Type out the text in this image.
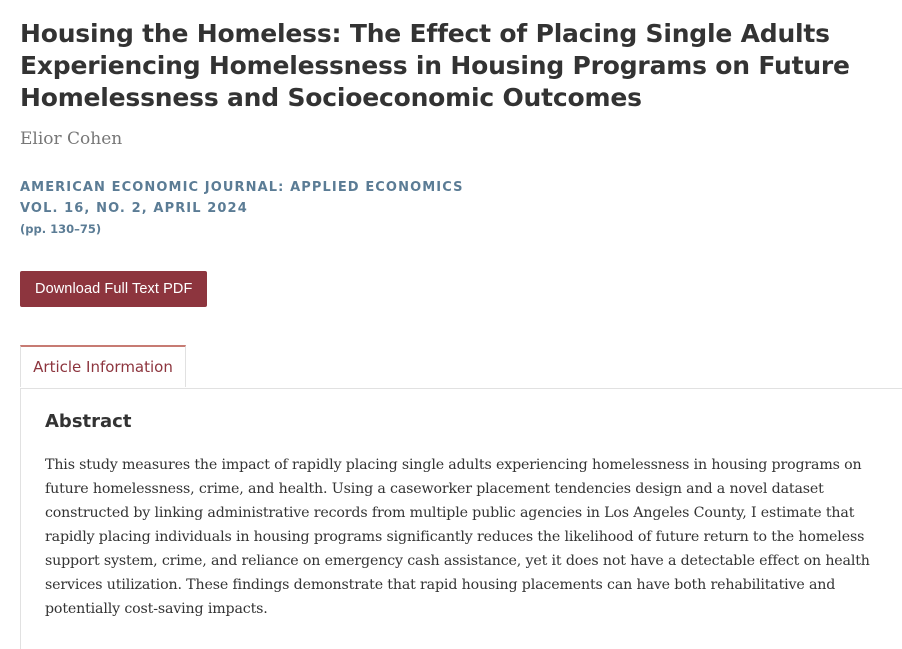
Housing the Homeless: The Effect of Placing Single Adults Experiencing Homelessness in Housing Programs on Future Homelessness and Socioeconomic Outcomes
Elior Cohen
AMERICAN ECONOMIC JOURNAL: APPLIED ECONOMICS
VOL. 16, NO. 2, APRIL 2024
(pp. 130–75)
Download Full Text PDF
Article Information
Abstract

This study measures the impact of rapidly placing single adults experiencing homelessness in housing programs on future homelessness, crime, and health. Using a caseworker placement tendencies design and a novel dataset constructed by linking administrative records from multiple public agencies in Los Angeles County, I estimate that rapidly placing individuals in housing programs significantly reduces the likelihood of future return to the homeless support system, crime, and reliance on emergency cash assistance, yet it does not have a detectable effect on health services utilization. These findings demonstrate that rapid housing placements can have both rehabilitative and potentially cost-saving impacts.
